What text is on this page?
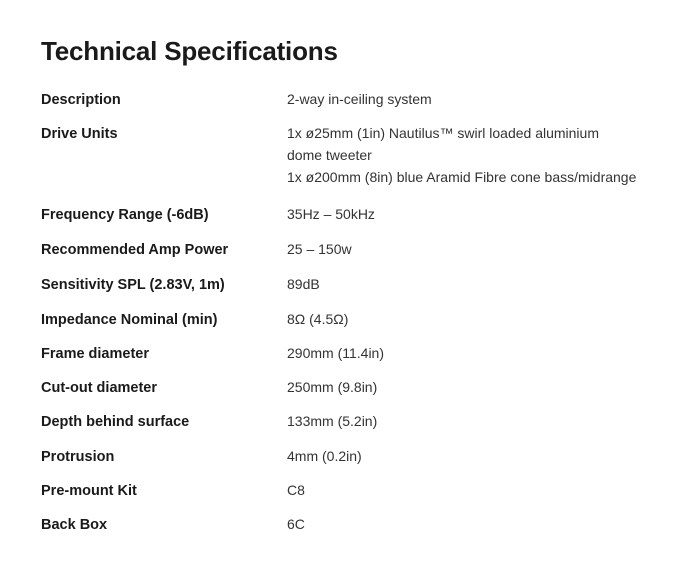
Technical Specifications
Description	2-way in-ceiling system
Drive Units	1x ø25mm (1in) Nautilus™ swirl loaded aluminium
dome tweeter
1x ø200mm (8in) blue Aramid Fibre cone bass/midrange
Frequency Range (-6dB)	35Hz – 50kHz
Recommended Amp Power	25 – 150w
Sensitivity SPL (2.83V, 1m)	89dB
Impedance Nominal (min)	8Ω (4.5Ω)
Frame diameter	290mm (11.4in)
Cut-out diameter	250mm (9.8in)
Depth behind surface	133mm (5.2in)
Protrusion	4mm (0.2in)
Pre-mount Kit	C8
Back Box	6C
